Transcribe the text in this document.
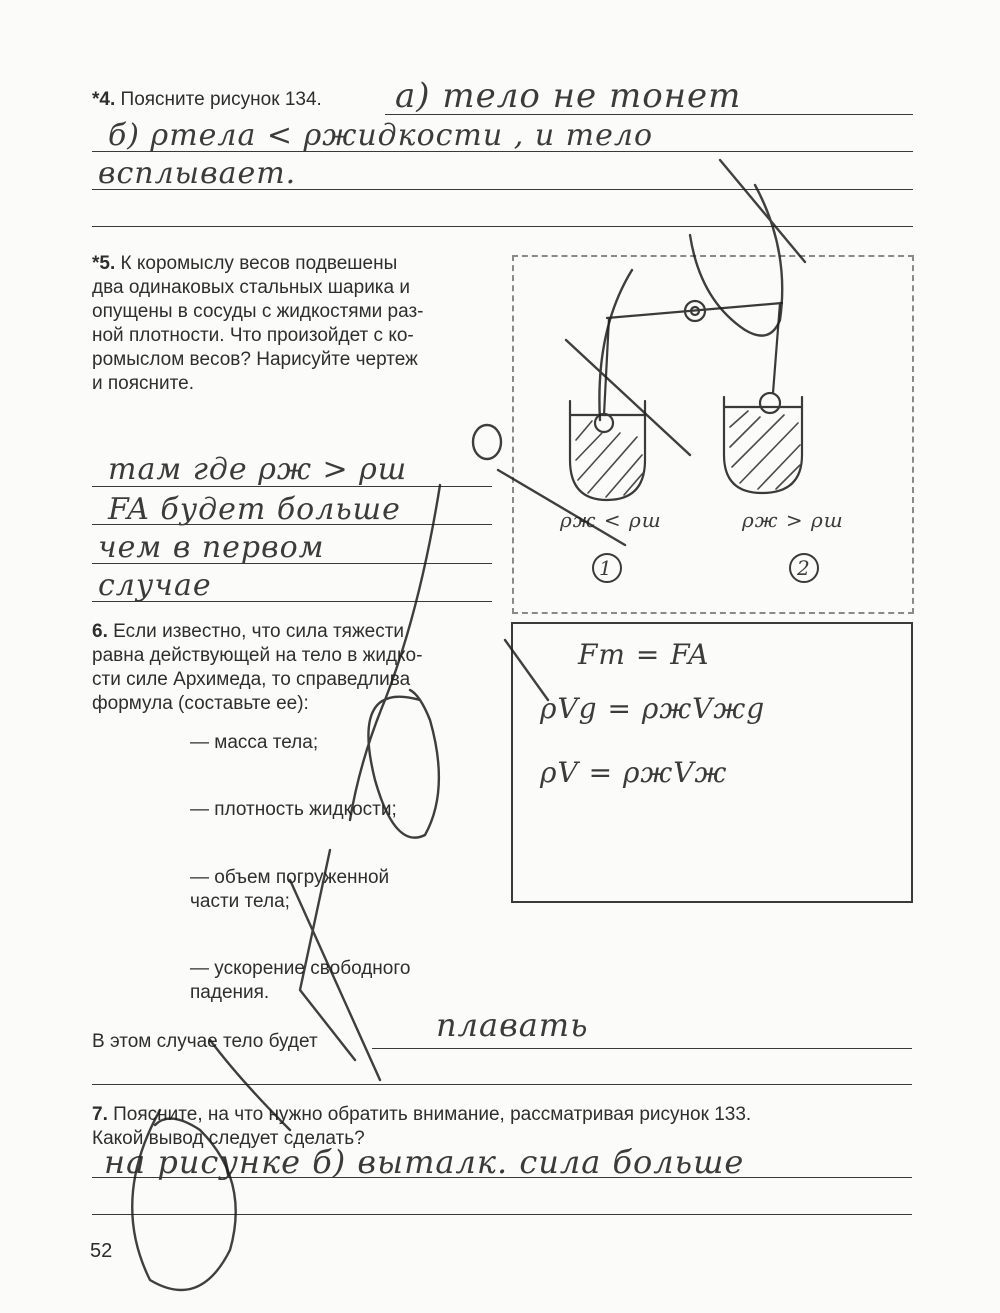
*4. Поясните рисунок 134. а) тело не тонет
б) ρтела < ρжидкости , и тело
всплывает.
*5. К коромыслу весов подвешены
два одинаковых стальных шарика и
опущены в сосуды с жидкостями раз-
ной плотности. Что произойдет с ко-
ромыслом весов? Нарисуйте чертеж
и поясните.
там где ρж > ρш
FA будет больше
чем в первом
случае
ρж < ρш	ρж > ρш
1	2
6. Если известно, что сила тяжести
равна действующей на тело в жидко-
сти силе Архимеда, то справедлива
формула (составьте ее):
— масса тела;
— плотность жидкости;
— объем погруженной
части тела;
— ускорение свободного
падения.
Fт = FA
ρVg = ρжVжg
ρV = ρжVж
В этом случае тело будет	плавать
7. Поясните, на что нужно обратить внимание, рассматривая рисунок 133.
Какой вывод следует сделать?
на рисунке б) выталк. сила больше
52
